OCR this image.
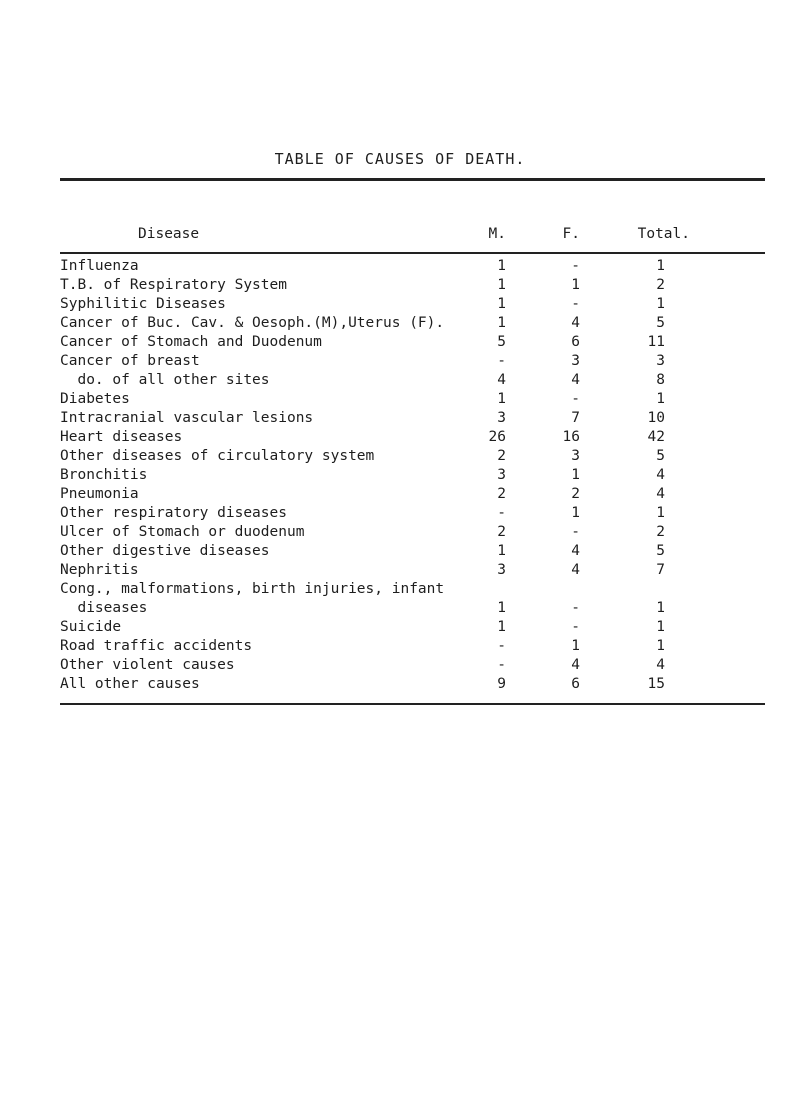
TABLE OF CAUSES OF DEATH.
Disease	M.	F.	Total.
Influenza	1	-	1
T.B. of Respiratory System	1	1	2
Syphilitic Diseases	1	-	1
Cancer of Buc. Cav. & Oesoph.(M),Uterus (F).	1	4	5
Cancer of Stomach and Duodenum	5	6	11
Cancer of breast	-	3	3
do. of all other sites	4	4	8
Diabetes	1	-	1
Intracranial vascular lesions	3	7	10
Heart diseases	26	16	42
Other diseases of circulatory system	2	3	5
Bronchitis	3	1	4
Pneumonia	2	2	4
Other respiratory diseases	-	1	1
Ulcer of Stomach or duodenum	2	-	2
Other digestive diseases	1	4	5
Nephritis	3	4	7
Cong., malformations, birth injuries, infant
diseases	1	-	1
Suicide	1	-	1
Road traffic accidents	-	1	1
Other violent causes	-	4	4
All other causes	9	6	15
